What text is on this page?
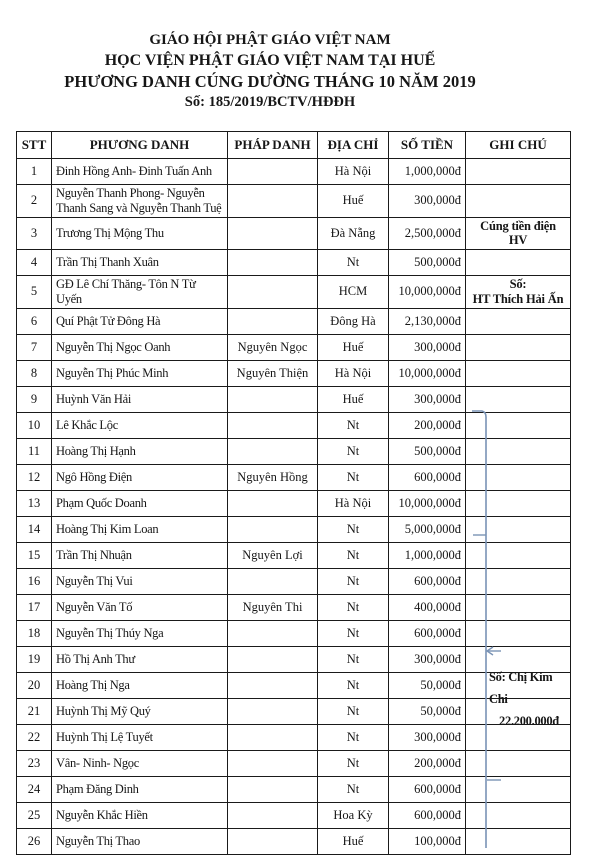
GIÁO HỘI PHẬT GIÁO VIỆT NAM
HỌC VIỆN PHẬT GIÁO VIỆT NAM TẠI HUẾ
PHƯƠNG DANH CÚNG DƯỜNG THÁNG 10 NĂM 2019
Số: 185/2019/BCTV/HĐĐH
STT	PHƯƠNG DANH	PHÁP DANH	ĐỊA CHỈ	SỐ TIỀN	GHI CHÚ
1	Đinh Hồng Anh- Đinh Tuấn Anh		Hà Nội	1,000,000đ	
2	Nguyễn Thanh Phong- Nguyễn Thanh Sang và Nguyễn Thanh Tuệ		Huế	300,000đ	
3	Trương Thị Mộng Thu		Đà Nẵng	2,500,000đ	Cúng tiền điện HV

4	Trần Thị Thanh Xuân		Nt	500,000đ	
5	GĐ Lê Chí Thăng- Tôn N Từ Uyến		HCM	10,000,000đ	Số:
HT Thích Hải Ấn

6	Quí Phật Tử Đông Hà		Đông Hà	2,130,000đ	
7	Nguyễn Thị Ngọc Oanh	Nguyên Ngọc	Huế	300,000đ	
8	Nguyễn Thị Phúc Minh	Nguyên Thiện	Hà Nội	10,000,000đ	
9	Huỳnh Văn Hải		Huế	300,000đ	
10	Lê Khắc Lộc		Nt	200,000đ	
11	Hoàng Thị Hạnh		Nt	500,000đ	
12	Ngô Hồng Điện	Nguyên Hồng	Nt	600,000đ	
13	Phạm Quốc Doanh		Hà Nội	10,000,000đ	
14	Hoàng Thị Kim Loan		Nt	5,000,000đ	
15	Trần Thị Nhuận	Nguyên Lợi	Nt	1,000,000đ	
16	Nguyễn Thị Vui		Nt	600,000đ	
17	Nguyễn Văn Tố	Nguyên Thi	Nt	400,000đ	
18	Nguyễn Thị Thúy Nga		Nt	600,000đ	
19	Hồ Thị Anh Thư		Nt	300,000đ	
20	Hoàng Thị Nga		Nt	50,000đ	
21	Huỳnh Thị Mỹ Quý		Nt	50,000đ	
22	Huỳnh Thị Lệ Tuyết		Nt	300,000đ	
23	Vân- Ninh- Ngọc		Nt	200,000đ	
24	Phạm Đăng Dinh		Nt	600,000đ	
25	Nguyễn Khắc Hiền		Hoa Kỳ	600,000đ	
26	Nguyễn Thị Thao		Huế	100,000đ	
Số: Chị Kim Chi
22.200.000đ
